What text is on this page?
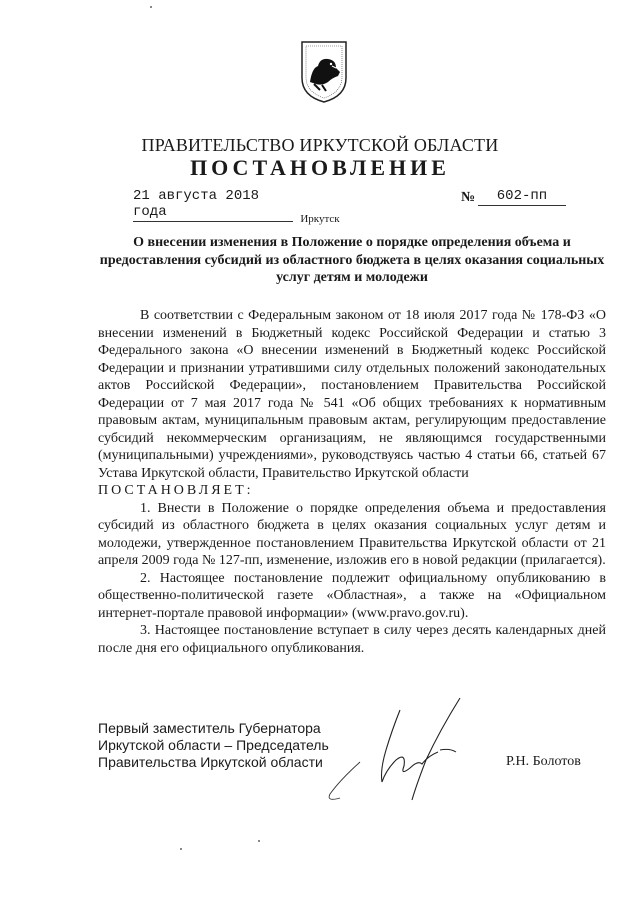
ПРАВИТЕЛЬСТВО ИРКУТСКОЙ ОБЛАСТИ
ПОСТАНОВЛЕНИЕ
21 августа 2018 года
№	602-пп
Иркутск
О внесении изменения в Положение о порядке определения объема и предоставления субсидий из областного бюджета в целях оказания социальных услуг детям и молодежи

В соответствии с Федеральным законом от 18 июля 2017 года № 178-ФЗ «О внесении изменений в Бюджетный кодекс Российской Федерации и статью 3 Федерального закона «О внесении изменений в Бюджетный кодекс Российской Федерации и признании утратившими силу отдельных положений законодательных актов Российской Федерации», постановлением Правительства Российской Федерации от 7 мая 2017 года № 541 «Об общих требованиях к нормативным правовым актам, муниципальным правовым актам, регулирующим предоставление субсидий некоммерческим организациям, не являющимся государственными (муниципальными) учреждениями», руководствуясь частью 4 статьи 66, статьей 67 Устава Иркутской области, Правительство Иркутской области

ПОСТАНОВЛЯЕТ:

1. Внести в Положение о порядке определения объема и предоставления субсидий из областного бюджета в целях оказания социальных услуг детям и молодежи, утвержденное постановлением Правительства Иркутской области от 21 апреля 2009 года № 127-пп, изменение, изложив его в новой редакции (прилагается).

2. Настоящее постановление подлежит официальному опубликованию в общественно-политической газете «Областная», а также на «Официальном интернет-портале правовой информации» (www.pravo.gov.ru).

3. Настоящее постановление вступает в силу через десять календарных дней после дня его официального опубликования.

Первый заместитель Губернатора
Иркутской области – Председатель
Правительства Иркутской области	Р.Н. Болотов
